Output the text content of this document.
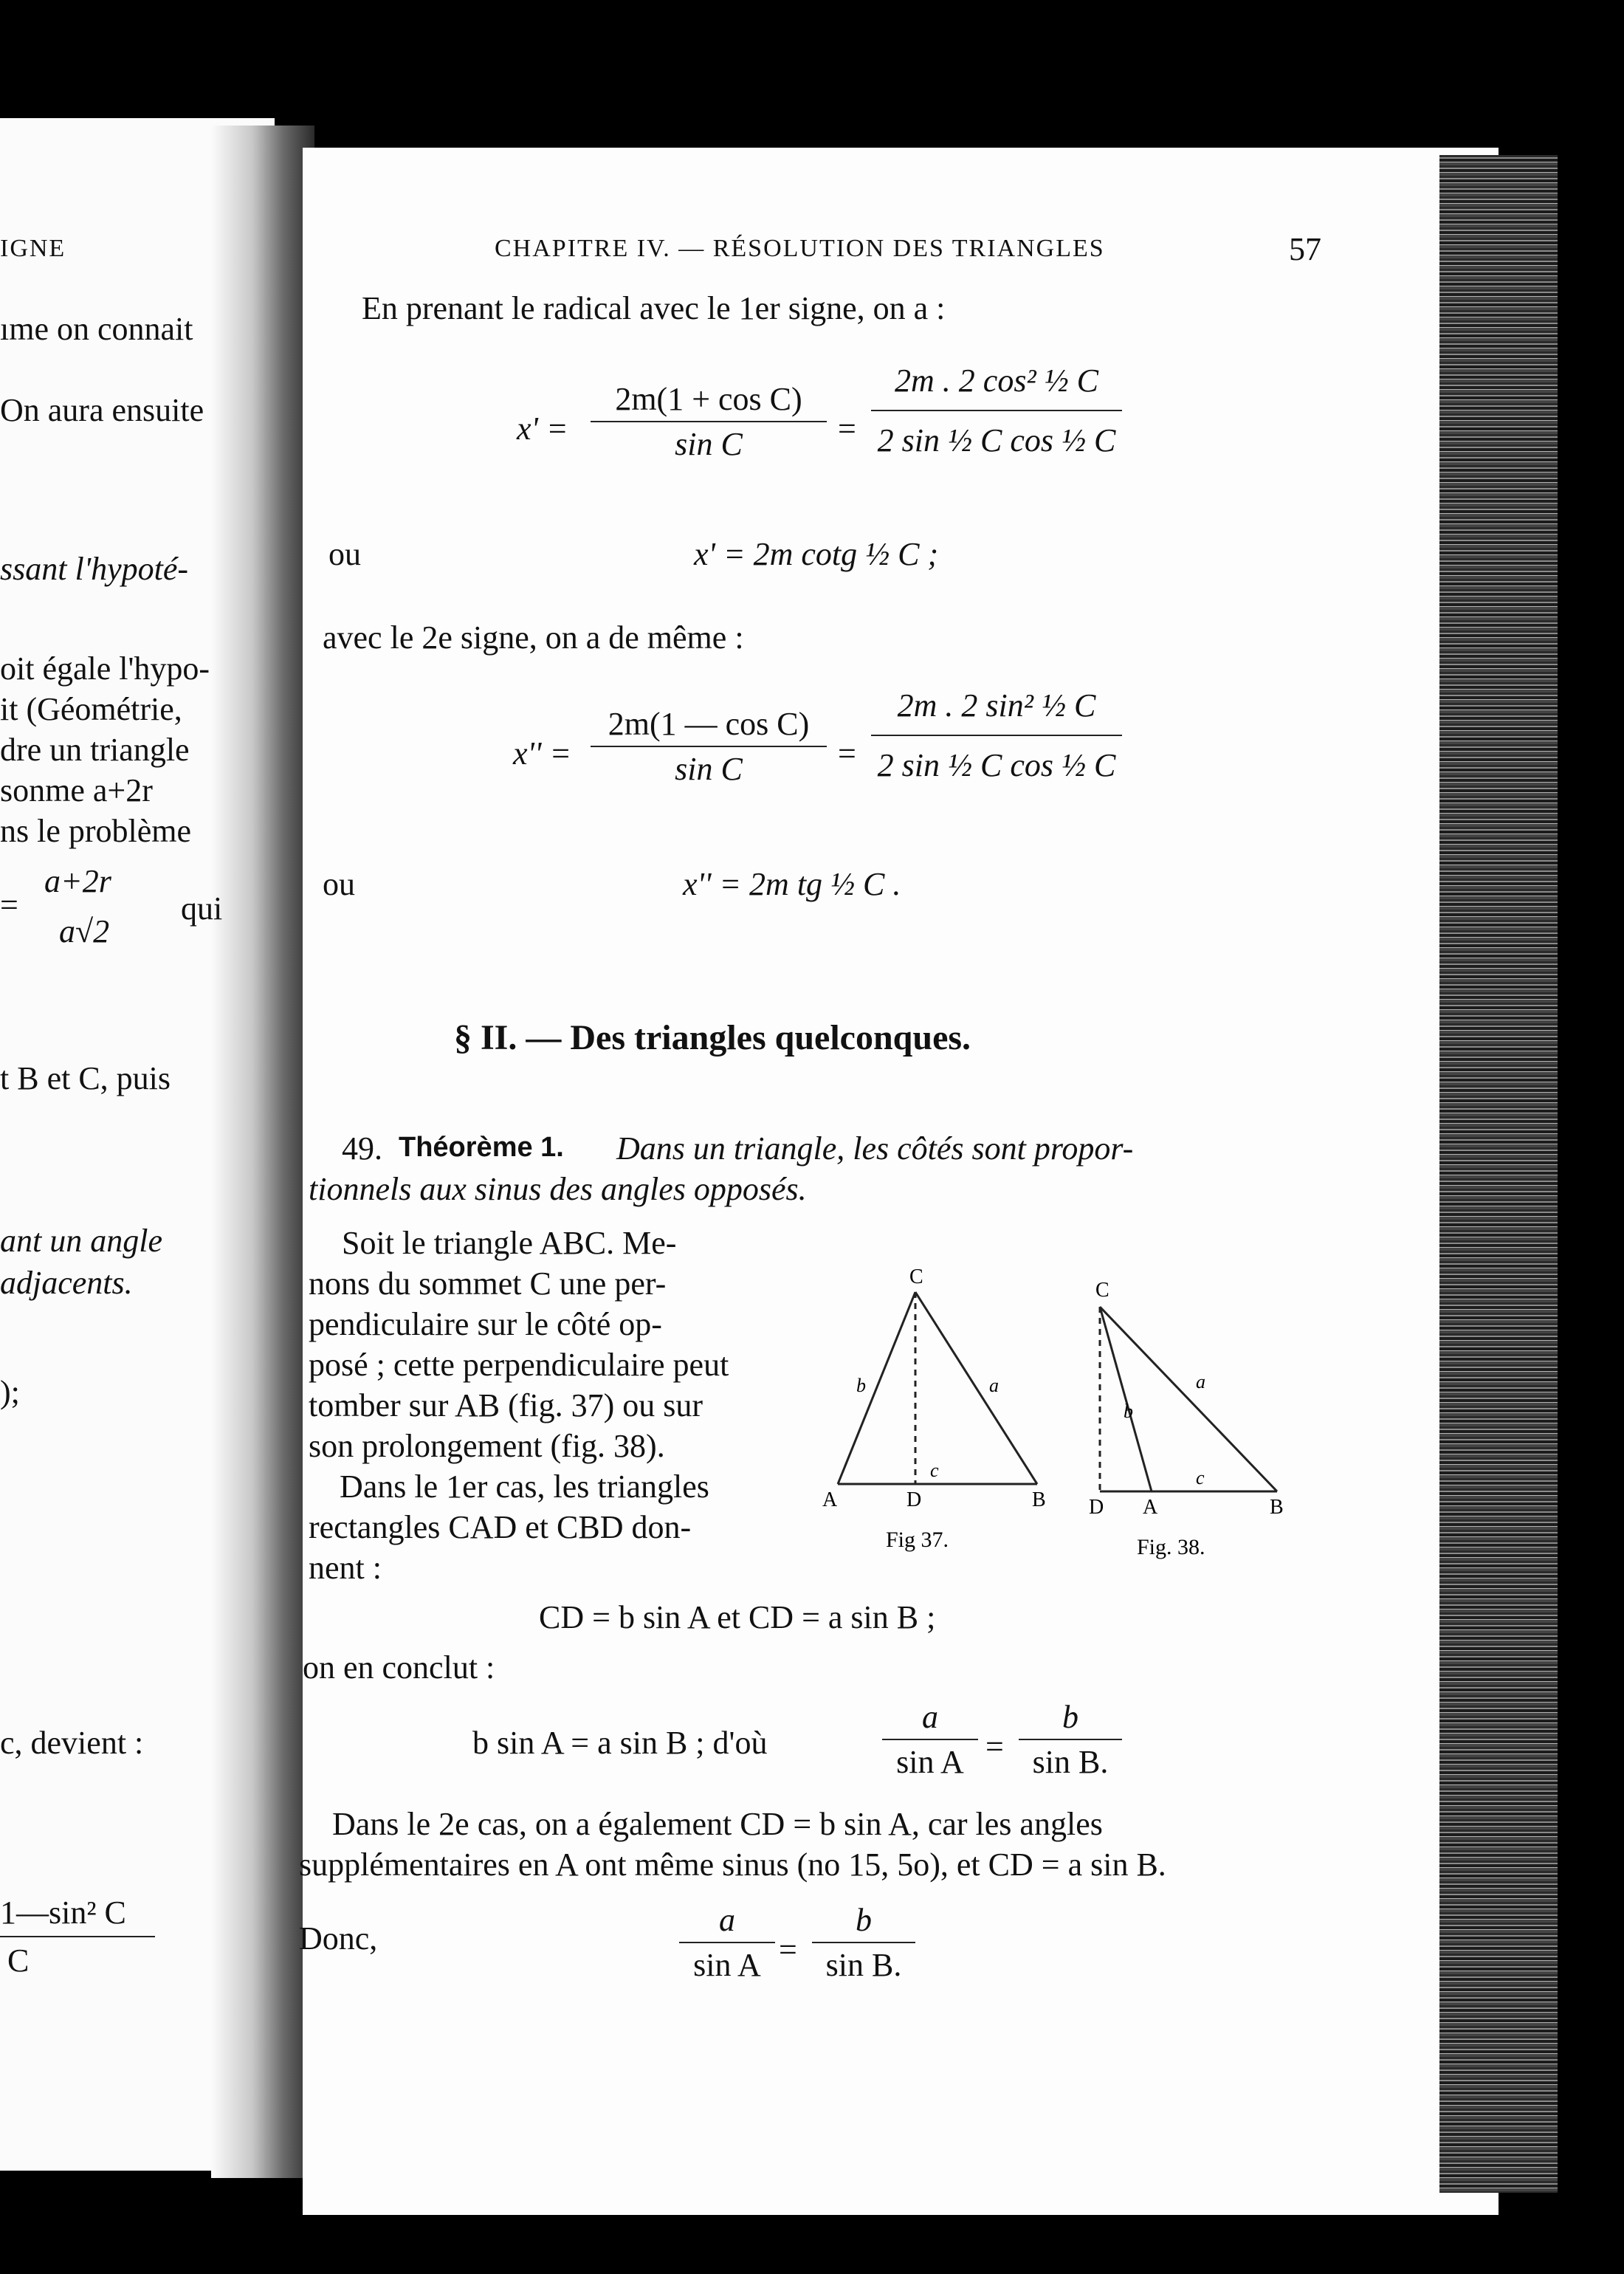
IGNE
ıme on connait
On aura ensuite
ssant l'hypoté-
oit égale l'hypo-
it (Géométrie,
dre un triangle
sonme a+2r
ns le problème
=
a+2r
a√2
qui
t B et C, puis
ant un angle
adjacents.
);
c, devient :
1—sin² C
C
CHAPITRE IV. — RÉSOLUTION DES TRIANGLES	57
En prenant le radical avec le 1er signe, on a :
x' =
2m(1 + cos C)
sin C	=
2m . 2 cos² ½ C
2 sin ½ C cos ½ C
ou	x' = 2m cotg ½ C ;
avec le 2e signe, on a de même :
x'' =
2m(1 — cos C)
sin C	=
2m . 2 sin² ½ C
2 sin ½ C cos ½ C
ou	x'' = 2m tg ½ C .
§ II. — Des triangles quelconques.
49. Théorème 1. Dans un triangle, les côtés sont propor-
tionnels aux sinus des angles opposés.
Soit le triangle ABC. Me-
nons du sommet C une per-
pendiculaire sur le côté op-
posé ; cette perpendiculaire peut
tomber sur AB (fig. 37) ou sur
son prolongement (fig. 38).
Dans le 1er cas, les triangles
rectangles CAD et CBD don-
nent :
C
A	B
D
a
b
c
Fig 37.
C
D A	B
a
b
c
Fig. 38.
CD = b sin A et CD = a sin B ;
on en conclut :
b sin A = a sin B ; d'où
a
sin A =
b
sin B.
Dans le 2e cas, on a également CD = b sin A, car les angles
supplémentaires en A ont même sinus (no 15, 5o), et CD = a sin B.
Donc,
a
sin A =
b
sin B.
